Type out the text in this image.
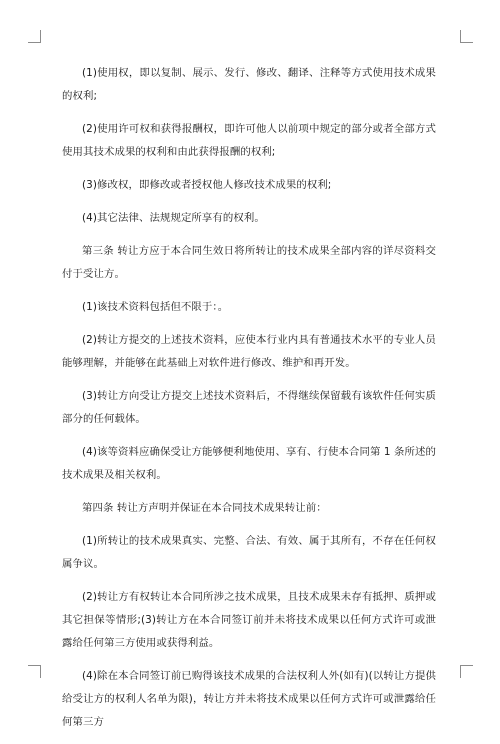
(1)使用权，即以复制、展示、发行、修改、翻译、注释等方式使用技术成果的权利;

(2)使用许可权和获得报酬权，即许可他人以前项中规定的部分或者全部方式使用其技术成果的权利和由此获得报酬的权利;

(3)修改权，即修改或者授权他人修改技术成果的权利;

(4)其它法律、法规规定所享有的权利。

第三条 转让方应于本合同生效日将所转让的技术成果全部内容的详尽资料交付于受让方。

(1)该技术资料包括但不限于：。

(2)转让方提交的上述技术资料，应使本行业内具有普通技术水平的专业人员能够理解，并能够在此基础上对软件进行修改、维护和再开发。

(3)转让方向受让方提交上述技术资料后，不得继续保留载有该软件任何实质部分的任何载体。

(4)该等资料应确保受让方能够便利地使用、享有、行使本合同第 1 条所述的技术成果及相关权利。

第四条 转让方声明并保证在本合同技术成果转让前：

(1)所转让的技术成果真实、完整、合法、有效、属于其所有，不存在任何权属争议。

(2)转让方有权转让本合同所涉之技术成果，且技术成果未存有抵押、质押或其它担保等情形;(3)转让方在本合同签订前并未将技术成果以任何方式许可或泄露给任何第三方使用或获得利益。

(4)除在本合同签订前已购得该技术成果的合法权利人外(如有)(以转让方提供给受让方的权利人名单为限)，转让方并未将技术成果以任何方式许可或泄露给任何第三方
